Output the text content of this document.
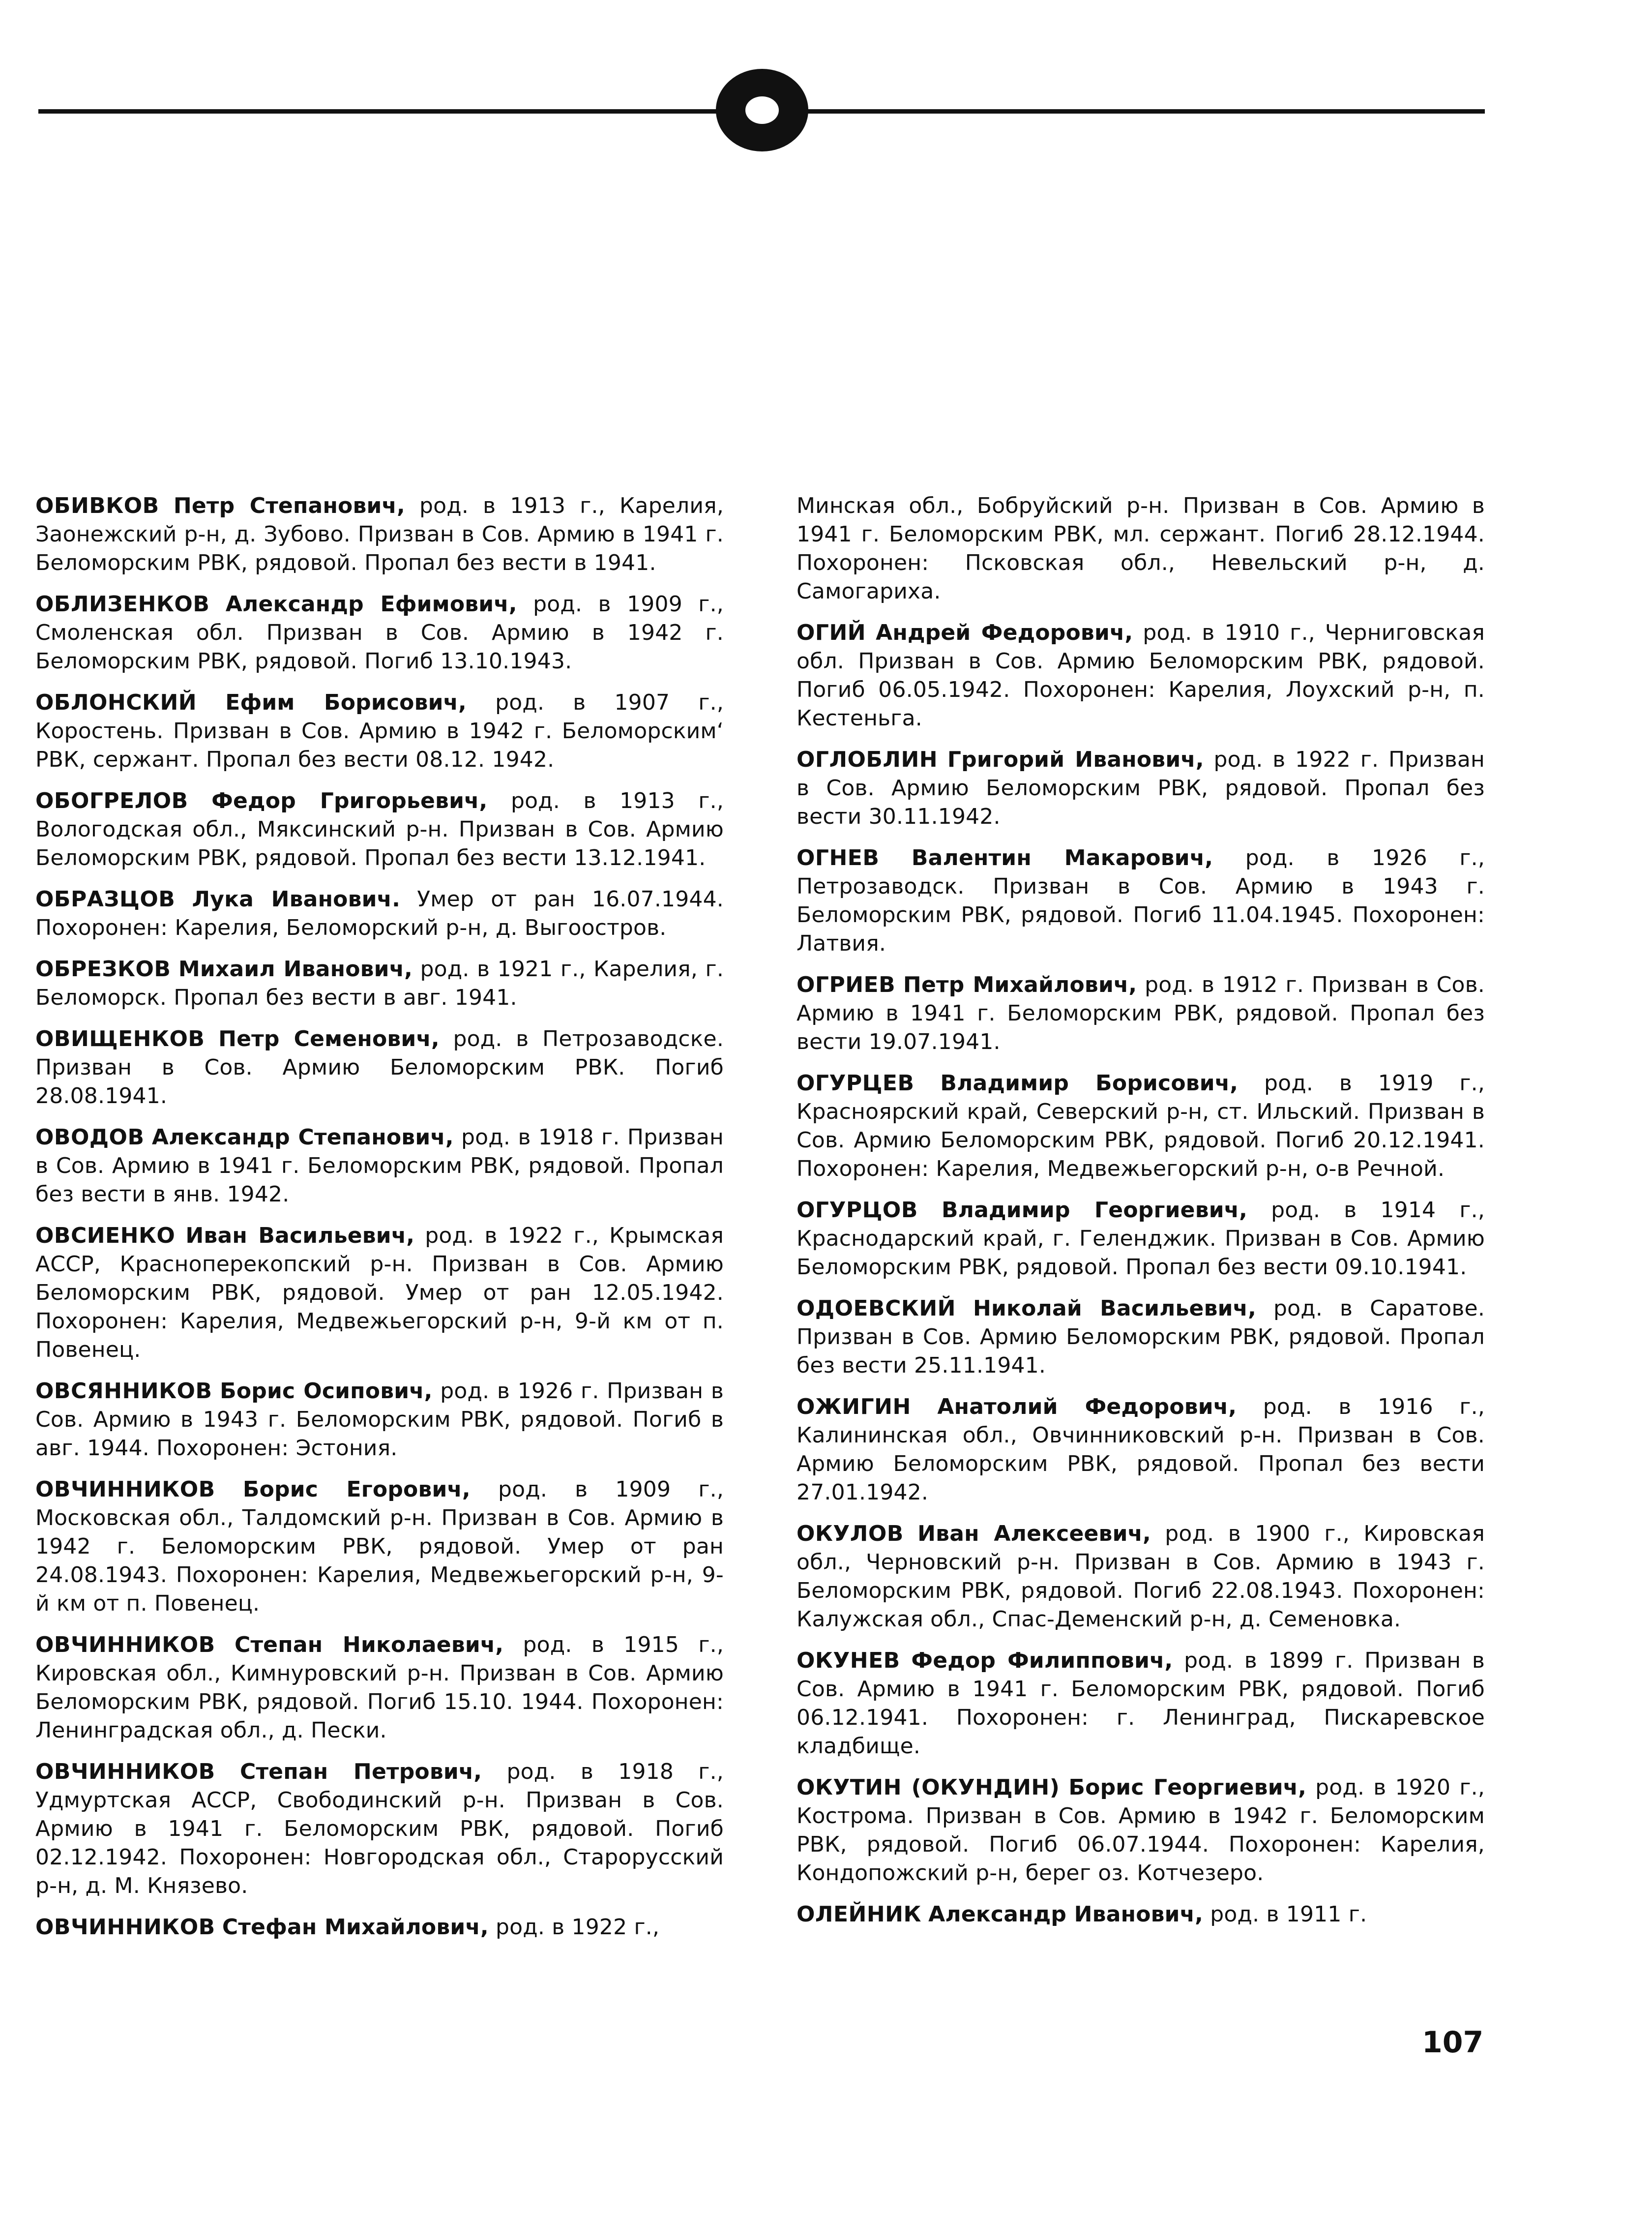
ОБИВКОВ Петр Степанович, род. в 1913 г., Карелия, Заонежский р-н, д. Зубово. Призван в Сов. Армию в 1941 г. Беломорским РВК, рядовой. Пропал без вести в 1941.

ОБЛИЗЕНКОВ Александр Ефимович, род. в 1909 г., Смоленская обл. Призван в Сов. Армию в 1942 г. Беломорским РВК, рядовой. Погиб 13.10.1943.

ОБЛОНСКИЙ Ефим Борисович, род. в 1907 г., Коростень. Призван в Сов. Армию в 1942 г. Беломорским‘ РВК, сержант. Пропал без вести 08.12. 1942.

ОБОГРЕЛОВ Федор Григорьевич, род. в 1913 г., Вологодская обл., Мяксинский р-н. Призван в Сов. Армию Беломорским РВК, рядовой. Пропал без вести 13.12.1941.

ОБРАЗЦОВ Лука Иванович. Умер от ран 16.07.1944. Похоронен: Карелия, Беломорский р-н, д. Выгоостров.

ОБРЕЗКОВ Михаил Иванович, род. в 1921 г., Карелия, г. Беломорск. Пропал без вести в авг. 1941.

ОВИЩЕНКОВ Петр Семенович, род. в Петрозаводске. Призван в Сов. Армию Беломорским РВК. Погиб 28.08.1941.

ОВОДОВ Александр Степанович, род. в 1918 г. Призван в Сов. Армию в 1941 г. Беломорским РВК, рядовой. Пропал без вести в янв. 1942.

ОВСИЕНКО Иван Васильевич, род. в 1922 г., Крымская АССР, Красноперекопский р-н. Призван в Сов. Армию Беломорским РВК, рядовой. Умер от ран 12.05.1942. Похоронен: Карелия, Медвежьегорский р-н, 9-й км от п. Повенец.

ОВСЯННИКОВ Борис Осипович, род. в 1926 г. Призван в Сов. Армию в 1943 г. Беломорским РВК, рядовой. Погиб в авг. 1944. Похоронен: Эстония.

ОВЧИННИКОВ Борис Егорович, род. в 1909 г., Московская обл., Талдомский р-н. Призван в Сов. Армию в 1942 г. Беломорским РВК, рядовой. Умер от ран 24.08.1943. Похоронен: Карелия, Медвежьегорский р-н, 9-й км от п. Повенец.

ОВЧИННИКОВ Степан Николаевич, род. в 1915 г., Кировская обл., Кимнуровский р-н. Призван в Сов. Армию Беломорским РВК, рядовой. Погиб 15.10. 1944. Похоронен: Ленинградская обл., д. Пески.

ОВЧИННИКОВ Степан Петрович, род. в 1918 г., Удмуртская АССР, Свободинский р-н. Призван в Сов. Армию в 1941 г. Беломорским РВК, рядовой. Погиб 02.12.1942. Похоронен: Новгородская обл., Старорусский р-н, д. М. Князево.

ОВЧИННИКОВ Стефан Михайлович, род. в 1922 г.,

Минская обл., Бобруйский р-н. Призван в Сов. Армию в 1941 г. Беломорским РВК, мл. сержант. Погиб 28.12.1944. Похоронен: Псковская обл., Невельский р-н, д. Самогариха.

ОГИЙ Андрей Федорович, род. в 1910 г., Черниговская обл. Призван в Сов. Армию Беломорским РВК, рядовой. Погиб 06.05.1942. Похоронен: Карелия, Лоухский р-н, п. Кестеньга.

ОГЛОБЛИН Григорий Иванович, род. в 1922 г. Призван в Сов. Армию Беломорским РВК, рядовой. Пропал без вести 30.11.1942.

ОГНЕВ Валентин Макарович, род. в 1926 г., Петрозаводск. Призван в Сов. Армию в 1943 г. Беломорским РВК, рядовой. Погиб 11.04.1945. Похоронен: Латвия.

ОГРИЕВ Петр Михайлович, род. в 1912 г. Призван в Сов. Армию в 1941 г. Беломорским РВК, рядовой. Пропал без вести 19.07.1941.

ОГУРЦЕВ Владимир Борисович, род. в 1919 г., Красноярский край, Северский р-н, ст. Ильский. Призван в Сов. Армию Беломорским РВК, рядовой. Погиб 20.12.1941. Похоронен: Карелия, Медвежьегорский р-н, о-в Речной.

ОГУРЦОВ Владимир Георгиевич, род. в 1914 г., Краснодарский край, г. Геленджик. Призван в Сов. Армию Беломорским РВК, рядовой. Пропал без вести 09.10.1941.

ОДОЕВСКИЙ Николай Васильевич, род. в Саратове. Призван в Сов. Армию Беломорским РВК, рядовой. Пропал без вести 25.11.1941.

ОЖИГИН Анатолий Федорович, род. в 1916 г., Калининская обл., Овчинниковский р-н. Призван в Сов. Армию Беломорским РВК, рядовой. Пропал без вести 27.01.1942.

ОКУЛОВ Иван Алексеевич, род. в 1900 г., Кировская обл., Черновский р-н. Призван в Сов. Армию в 1943 г. Беломорским РВК, рядовой. Погиб 22.08.1943. Похоронен: Калужская обл., Спас-Деменский р-н, д. Семеновка.

ОКУНЕВ Федор Филиппович, род. в 1899 г. Призван в Сов. Армию в 1941 г. Беломорским РВК, рядовой. Погиб 06.12.1941. Похоронен: г. Ленинград, Пискаревское кладбище.

ОКУТИН (ОКУНДИН) Борис Георгиевич, род. в 1920 г., Кострома. Призван в Сов. Армию в 1942 г. Беломорским РВК, рядовой. Погиб 06.07.1944. Похоронен: Карелия, Кондопожский р-н, берег оз. Котчезеро.

ОЛЕЙНИК Александр Иванович, род. в 1911 г.

107
